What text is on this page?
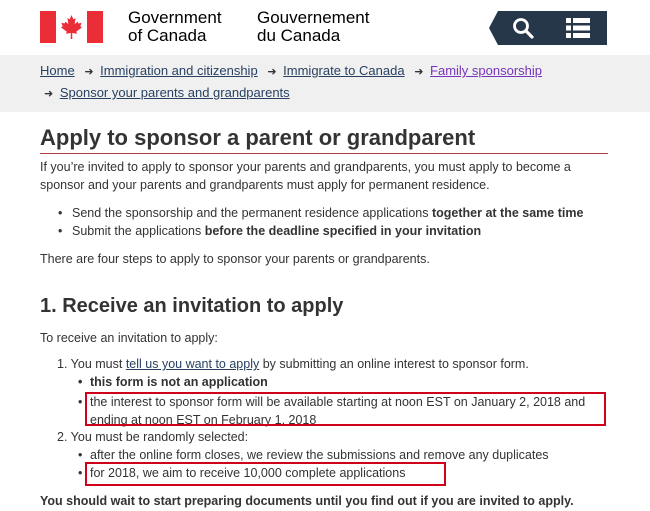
Government
of Canada
Gouvernement
du Canada
Home ➜ Immigration and citizenship ➜ Immigrate to Canada ➜ Family sponsorship
➜ Sponsor your parents and grandparents
Apply to sponsor a parent or grandparent

If you’re invited to apply to sponsor your parents and grandparents, you must apply to become a sponsor and your parents and grandparents must apply for permanent residence.

• Send the sponsorship and the permanent residence applications together at the same time
• Submit the applications before the deadline specified in your invitation

There are four steps to apply to sponsor your parents or grandparents.

1. Receive an invitation to apply

To receive an invitation to apply:

1. You must tell us you want to apply by submitting an online interest to sponsor form.
• this form is not an application
• the interest to sponsor form will be available starting at noon EST on January 2, 2018 and ending at noon EST on February 1, 2018
2. You must be randomly selected:
• after the online form closes, we review the submissions and remove any duplicates
• for 2018, we aim to receive 10,000 complete applications

You should wait to start preparing documents until you find out if you are invited to apply.
